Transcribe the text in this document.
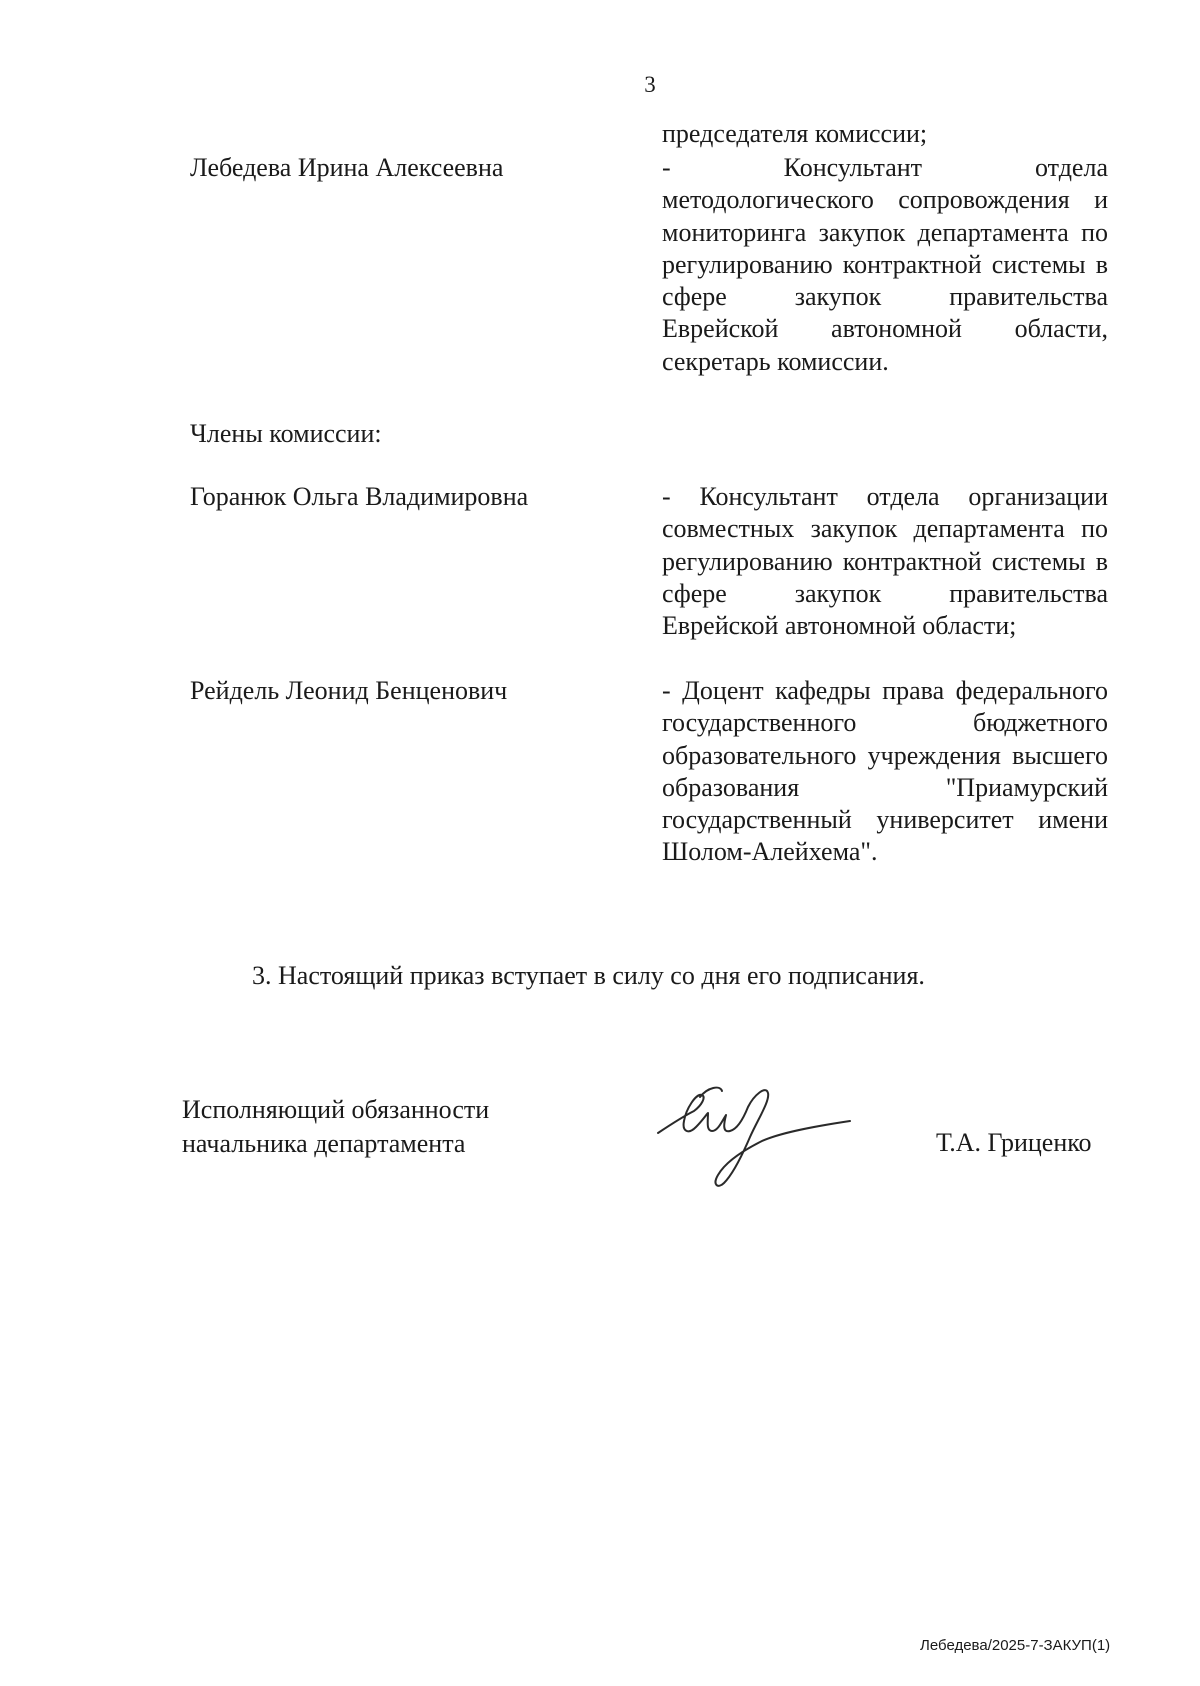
3
председателя комиссии;
Лебедева Ирина Алексеевна	- Консультант отдела методологического сопровождения и мониторинга закупок департамента по регулированию контрактной системы в сфере закупок правительства Еврейской автономной области, секретарь комиссии.
Члены комиссии:
Горанюк Ольга Владимировна	- Консультант отдела организации совместных закупок департамента по регулированию контрактной системы в сфере закупок правительства Еврейской автономной области;
Рейдель Леонид Бенценович	- Доцент кафедры права федерального государственного бюджетного образовательного учреждения высшего образования "Приамурский государственный университет имени Шолом-Алейхема".
3. Настоящий приказ вступает в силу со дня его подписания.
Исполняющий обязанности
начальника департамента	Т.А. Гриценко
Лебедева/2025-7-ЗАКУП(1)
